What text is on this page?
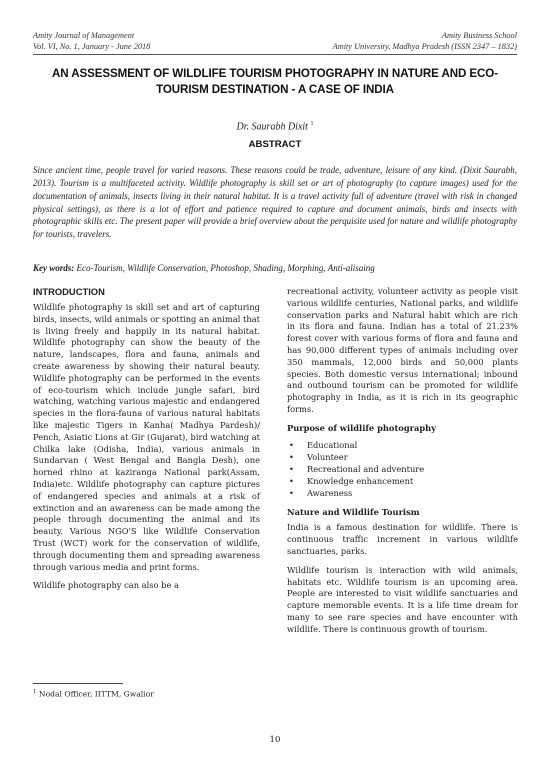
Amity Journal of Management
Vol. VI, No. 1, January - June 2018
Amity Business School
Amity University, Madhya Pradesh (ISSN 2347 – 1832)
AN ASSESSMENT OF WILDLIFE TOURISM PHOTOGRAPHY IN NATURE AND ECO-TOURISM DESTINATION - A CASE OF INDIA
Dr. Saurabh Dixit $^1$
ABSTRACT
Since ancient time, people travel for varied reasons. These reasons could be trade, adventure, leisure of any kind. (Dixit Saurabh, 2013). Tourism is a multifaceted activity. Wildlife photography is skill set or art of photography (to capture images) used for the documentation of animals, insects living in their natural habitat. It is a travel activity full of adventure (travel with risk in changed physical settings), as there is a lot of effort and patience required to capture and document animals, birds and insects with photographic skills etc. The present paper will provide a brief overview about the perquisite used for nature and wildlife photography for tourists, travelers.
Key words: Eco-Tourism, Wildlife Conservation, Photoshop, Shading, Morphing, Anti-alisaing
INTRODUCTION

Wildlife photography is skill set and art of capturing birds, insects, wild animals or spotting an animal that is living freely and happily in its natural habitat. Wildlife photography can show the beauty of the nature, landscapes, flora and fauna, animals and create awareness by showing their natural beauty. Wildlife photography can be performed in the events of eco-tourism which include jungle safari, bird watching, watching various majestic and endangered species in the flora-fauna of various natural habitats like majestic Tigers in Kanha( Madhya Pardesh)/ Pench, Asiatic Lions at Gir (Gujarat), bird watching at Chilka lake (Odisha, India), various animals in Sundarvan ( West Bengal and Bangla Desh), one horned rhino at kaziranga National park(Assam, India)etc. Wildlife photography can capture pictures of endangered species and animals at a risk of extinction and an awareness can be made among the people through documenting the animal and its beauty. Various NGO'S like Wildlife Conservation Trust (WCT) work for the conservation of wildlife, through documenting them and spreading awareness through various media and print forms.

Wildlife photography can also be a

recreational activity, volunteer activity as people visit various wildlife centuries, National parks, and wildlife conservation parks and Natural habit which are rich in its flora and fauna. Indian has a total of 21.23% forest cover with various forms of flora and fauna and has 90,000 different types of animals including over 350 mammals, 12,000 birds and 50,000 plants species. Both domestic versus international; inbound and outbound tourism can be promoted for wildlife photography in India, as it is rich in its geographic forms.

Purpose of wildlife photography
• Educational
• Volunteer
• Recreational and adventure
• Knowledge enhancement
• Awareness
Nature and Wildlife Tourism

India is a famous destination for wildlife. There is continuous traffic increment in various wildlife sanctuaries, parks.

Wildlife tourism is interaction with wild animals, habitats etc. Wildlife tourism is an upcoming area. People are interested to visit wildlife sanctuaries and capture memorable events. It is a life time dream for many to see rare species and have encounter with wildlife. There is continuous growth of tourism.

$^1$ Nodal Officer, IITTM, Gwalior
10
